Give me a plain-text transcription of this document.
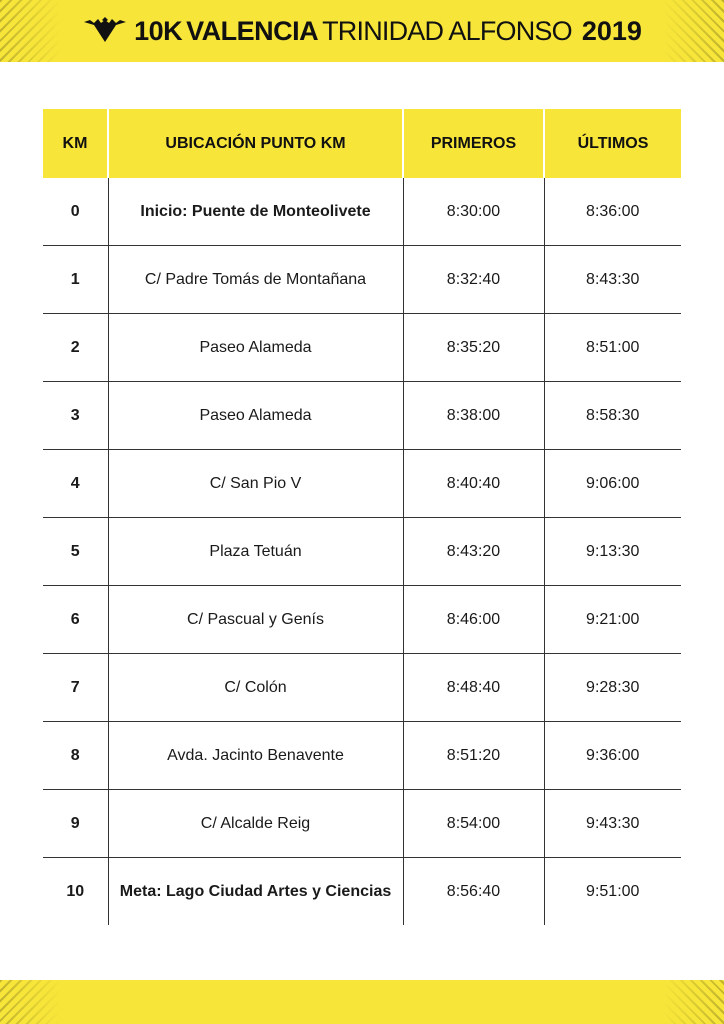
10K VALENCIA TRINIDAD ALFONSO 2019
KM	UBICACIÓN PUNTO KM	PRIMEROS	ÚLTIMOS
0	Inicio: Puente de Monteolivete	8:30:00	8:36:00
1	C/ Padre Tomás de Montañana	8:32:40	8:43:30
2	Paseo Alameda	8:35:20	8:51:00
3	Paseo Alameda	8:38:00	8:58:30
4	C/ San Pio V	8:40:40	9:06:00
5	Plaza Tetuán	8:43:20	9:13:30
6	C/ Pascual y Genís	8:46:00	9:21:00
7	C/ Colón	8:48:40	9:28:30
8	Avda. Jacinto Benavente	8:51:20	9:36:00
9	C/ Alcalde Reig	8:54:00	9:43:30
10	Meta: Lago Ciudad Artes y Ciencias	8:56:40	9:51:00
